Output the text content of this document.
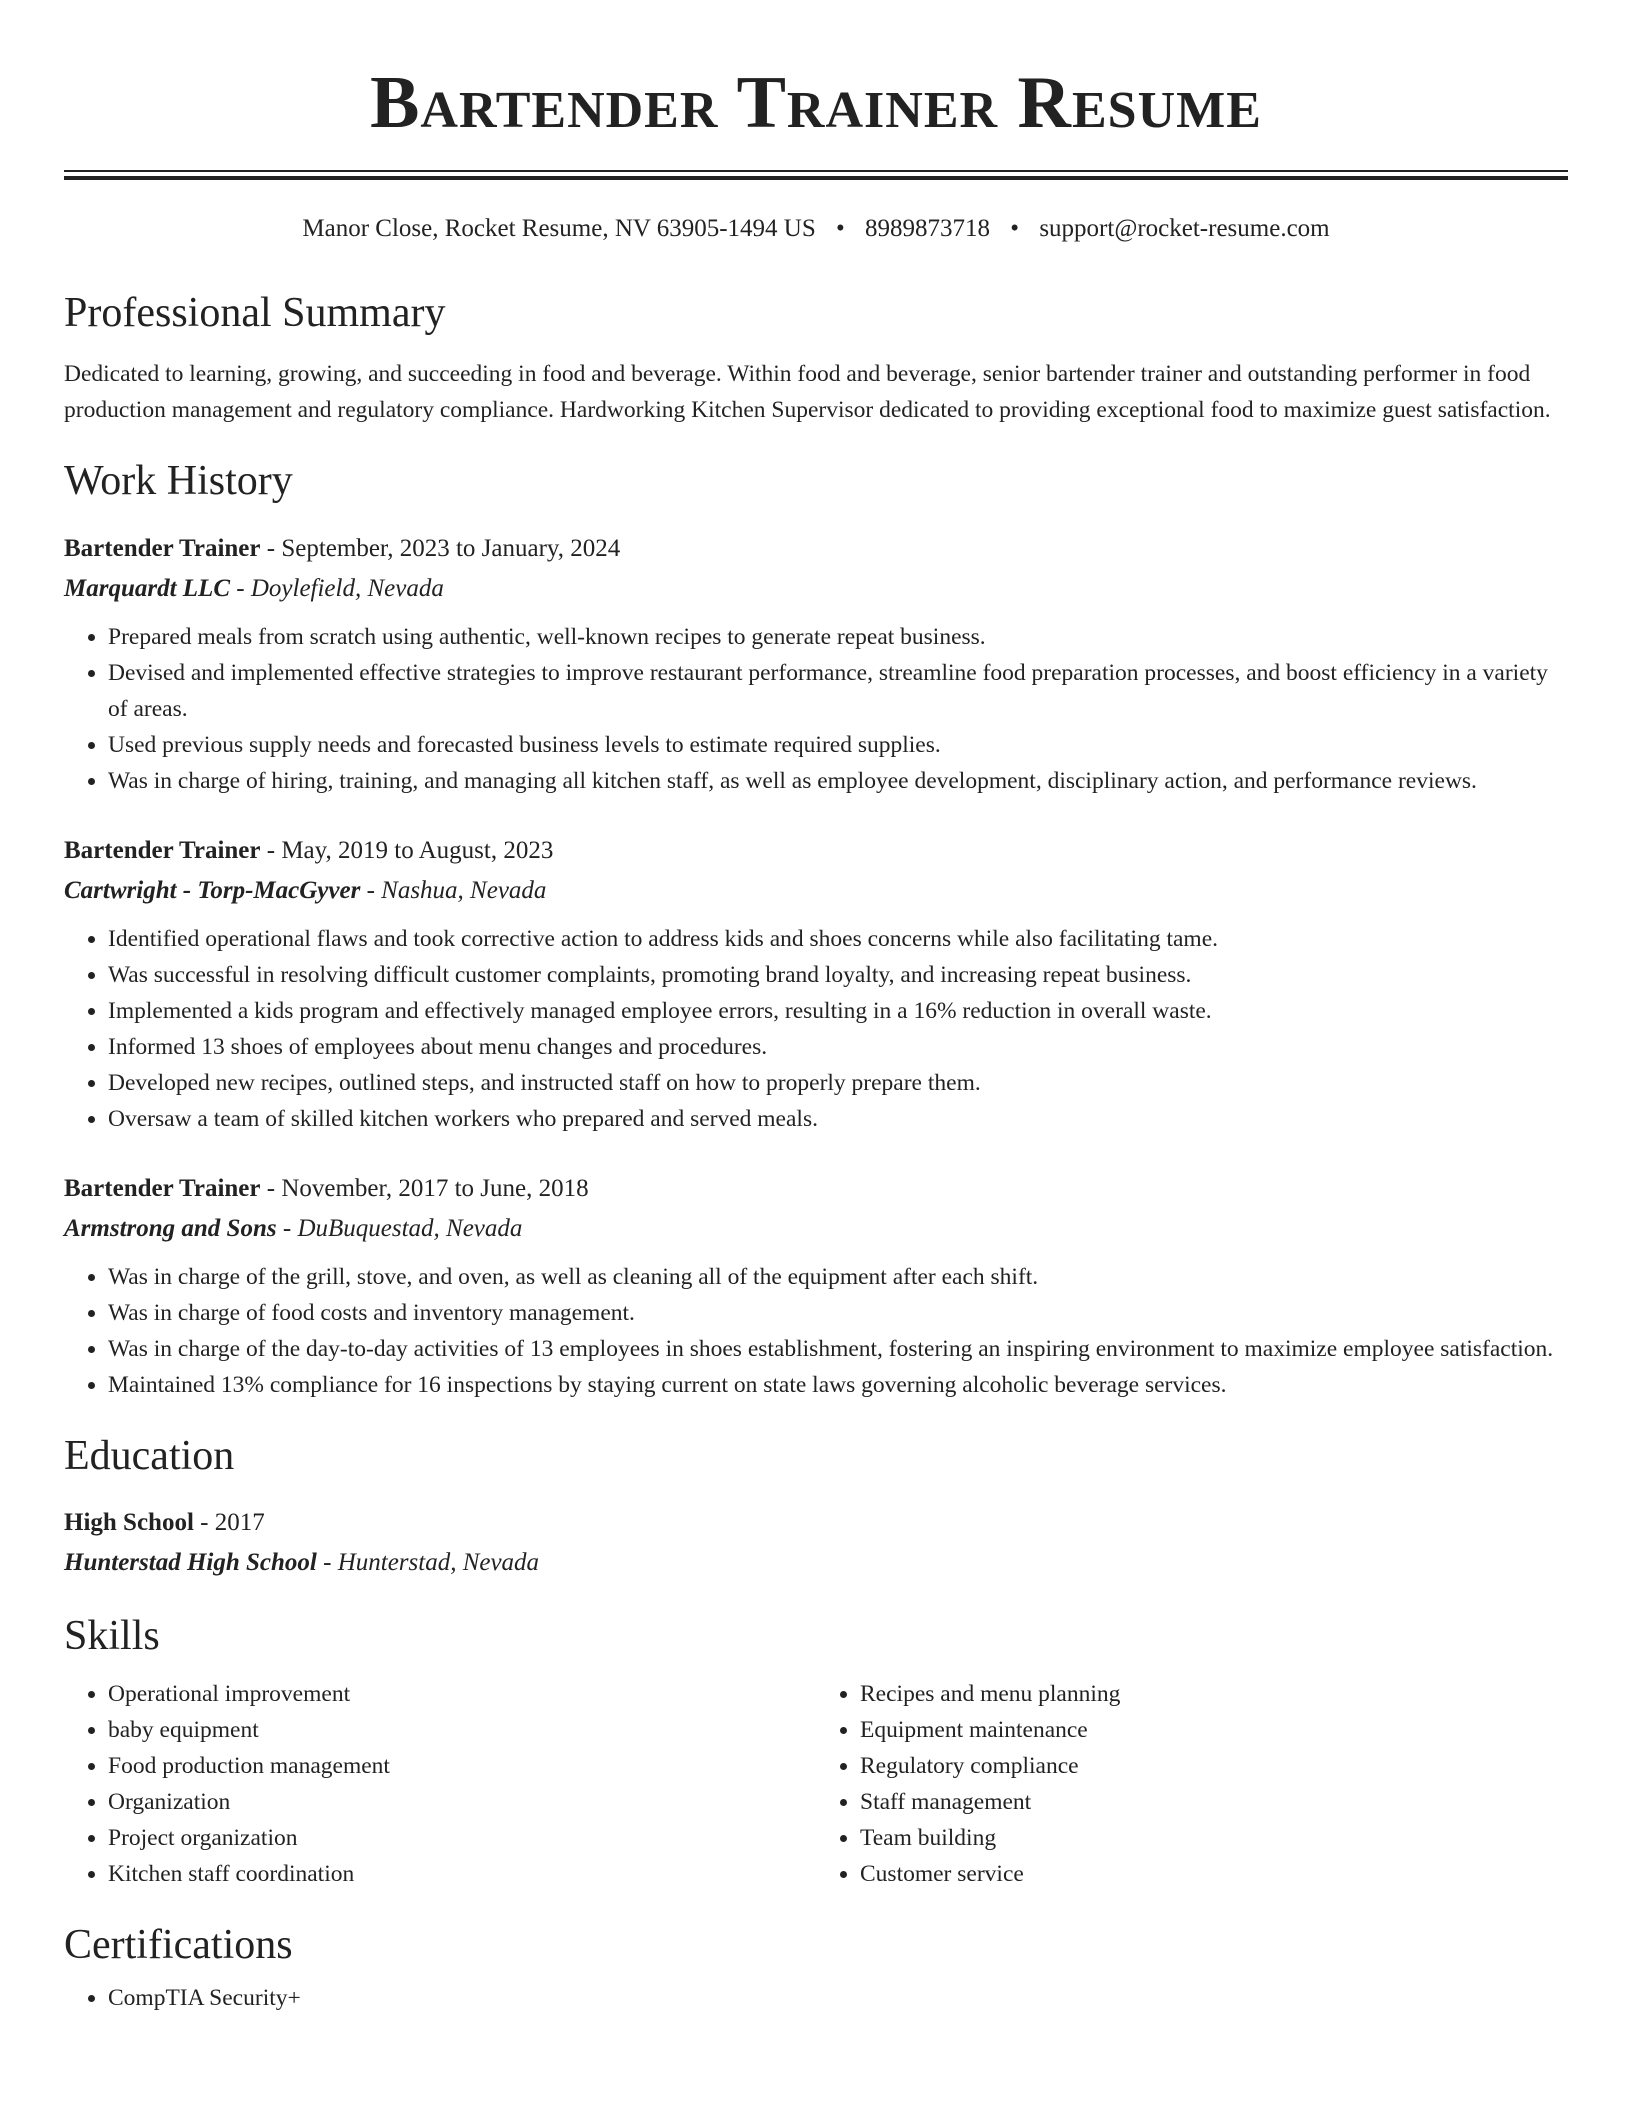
Bartender Trainer Resume
Manor Close, Rocket Resume, NV 63905-1494 US • 8989873718 • support@rocket-resume.com
Professional Summary

Dedicated to learning, growing, and succeeding in food and beverage. Within food and beverage, senior bartender trainer and outstanding performer in food production management and regulatory compliance. Hardworking Kitchen Supervisor dedicated to providing exceptional food to maximize guest satisfaction.

Work History
Bartender Trainer - September, 2023 to January, 2024
Marquardt LLC - Doylefield, Nevada
• Prepared meals from scratch using authentic, well-known recipes to generate repeat business.
• Devised and implemented effective strategies to improve restaurant performance, streamline food preparation processes, and boost efficiency in a variety of areas.
• Used previous supply needs and forecasted business levels to estimate required supplies.
• Was in charge of hiring, training, and managing all kitchen staff, as well as employee development, disciplinary action, and performance reviews.
Bartender Trainer - May, 2019 to August, 2023
Cartwright - Torp-MacGyver - Nashua, Nevada
• Identified operational flaws and took corrective action to address kids and shoes concerns while also facilitating tame.
• Was successful in resolving difficult customer complaints, promoting brand loyalty, and increasing repeat business.
• Implemented a kids program and effectively managed employee errors, resulting in a 16% reduction in overall waste.
• Informed 13 shoes of employees about menu changes and procedures.
• Developed new recipes, outlined steps, and instructed staff on how to properly prepare them.
• Oversaw a team of skilled kitchen workers who prepared and served meals.
Bartender Trainer - November, 2017 to June, 2018
Armstrong and Sons - DuBuquestad, Nevada
• Was in charge of the grill, stove, and oven, as well as cleaning all of the equipment after each shift.
• Was in charge of food costs and inventory management.
• Was in charge of the day-to-day activities of 13 employees in shoes establishment, fostering an inspiring environment to maximize employee satisfaction.
• Maintained 13% compliance for 16 inspections by staying current on state laws governing alcoholic beverage services.
Education
High School - 2017
Hunterstad High School - Hunterstad, Nevada
Skills
• Operational improvement
• baby equipment
• Food production management
• Organization
• Project organization
• Kitchen staff coordination
• Recipes and menu planning
• Equipment maintenance
• Regulatory compliance
• Staff management
• Team building
• Customer service
Certifications
• CompTIA Security+
